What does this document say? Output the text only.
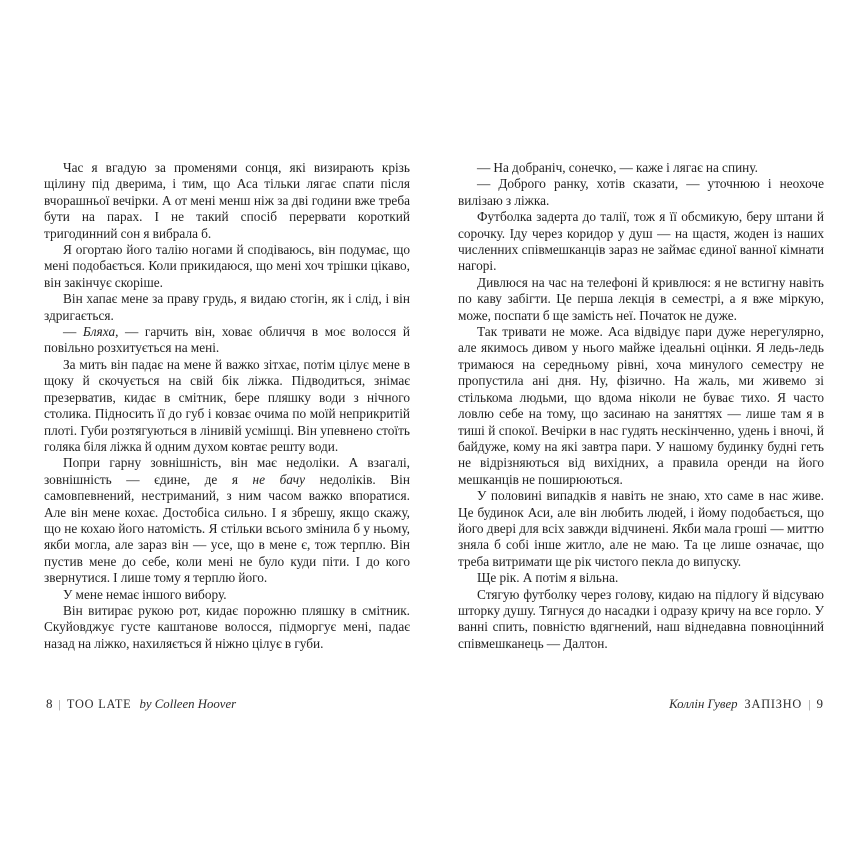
Час я вгадую за променями сонця, які визирають крізь щілину під дверима, і тим, що Аса тільки лягає спати після вчорашньої вечірки. А от мені менш ніж за дві години вже треба бути на парах. І не такий спосіб перервати короткий тригодинний сон я вибрала б.

Я огортаю його талію ногами й сподіваюсь, він подумає, що мені подобається. Коли прикидаюся, що мені хоч трішки цікаво, він закінчує скоріше.

Він хапає мене за праву грудь, я видаю стогін, як і слід, і він здригається.

— Бляха, — гарчить він, ховає обличчя в моє волосся й повільно розхитується на мені.

За мить він падає на мене й важко зітхає, потім цілує мене в щоку й скочується на свій бік ліжка. Підводиться, знімає презерватив, кидає в смітник, бере пляшку води з нічного столика. Підносить її до губ і ковзає очима по моїй неприкритій плоті. Губи розтягуються в лінивій усмішці. Він упевнено стоїть голяка біля ліжка й одним духом ковтає решту води.

Попри гарну зовнішність, він має недоліки. А взагалі, зовнішність — єдине, де я не бачу недоліків. Він самовпевнений, нестриманий, з ним часом важко впоратися. Але він мене кохає. Достобіса сильно. І я збрешу, якщо скажу, що не кохаю його натомість. Я стільки всього змінила б у ньому, якби могла, але зараз він — усе, що в мене є, тож терплю. Він пустив мене до себе, коли мені не було куди піти. І до кого звернутися. І лише тому я терплю його.

У мене немає іншого вибору.

Він витирає рукою рот, кидає порожню пляшку в смітник. Скуйовджує густе каштанове волосся, підморгує мені, падає назад на ліжко, нахиляється й ніжно цілує в губи.

— На добраніч, сонечко, — каже і лягає на спину.

— Доброго ранку, хотів сказати, — уточнюю і неохоче вилізаю з ліжка.

Футболка задерта до талії, тож я її обсмикую, беру штани й сорочку. Іду через коридор у душ — на щастя, жоден із наших численних співмешканців зараз не займає єдиної ванної кімнати нагорі.

Дивлюся на час на телефоні й кривлюся: я не встигну навіть по каву забігти. Це перша лекція в семестрі, а я вже міркую, може, поспати б ще замість неї. Початок не дуже.

Так тривати не може. Аса відвідує пари дуже нерегулярно, але якимось дивом у нього майже ідеальні оцінки. Я ледь-ледь тримаюся на середньому рівні, хоча минулого семестру не пропустила ані дня. Ну, фізично. На жаль, ми живемо зі стількома людьми, що вдома ніколи не буває тихо. Я часто ловлю себе на тому, що засинаю на заняттях — лише там я в тиші й спокої. Вечірки в нас гудять нескінченно, удень і вночі, й байдуже, кому на які завтра пари. У нашому будинку будні геть не відрізняються від вихідних, а правила оренди на його мешканців не поширюються.

У половині випадків я навіть не знаю, хто саме в нас живе. Це будинок Аси, але він любить людей, і йому подобається, що його двері для всіх завжди відчинені. Якби мала гроші — миттю зняла б собі інше житло, але не маю. Та це лише означає, що треба витримати ще рік чистого пекла до випуску.

Ще рік. А потім я вільна.

Стягую футболку через голову, кидаю на підлогу й відсуваю шторку душу. Тягнуся до насадки і одразу кричу на все горло. У ванні спить, повністю вдягнений, наш віднедавна повноцінний співмешканець — Далтон.

8 | TOO LATE by Colleen Hoover	Коллін Гувер ЗАПІЗНО | 9
